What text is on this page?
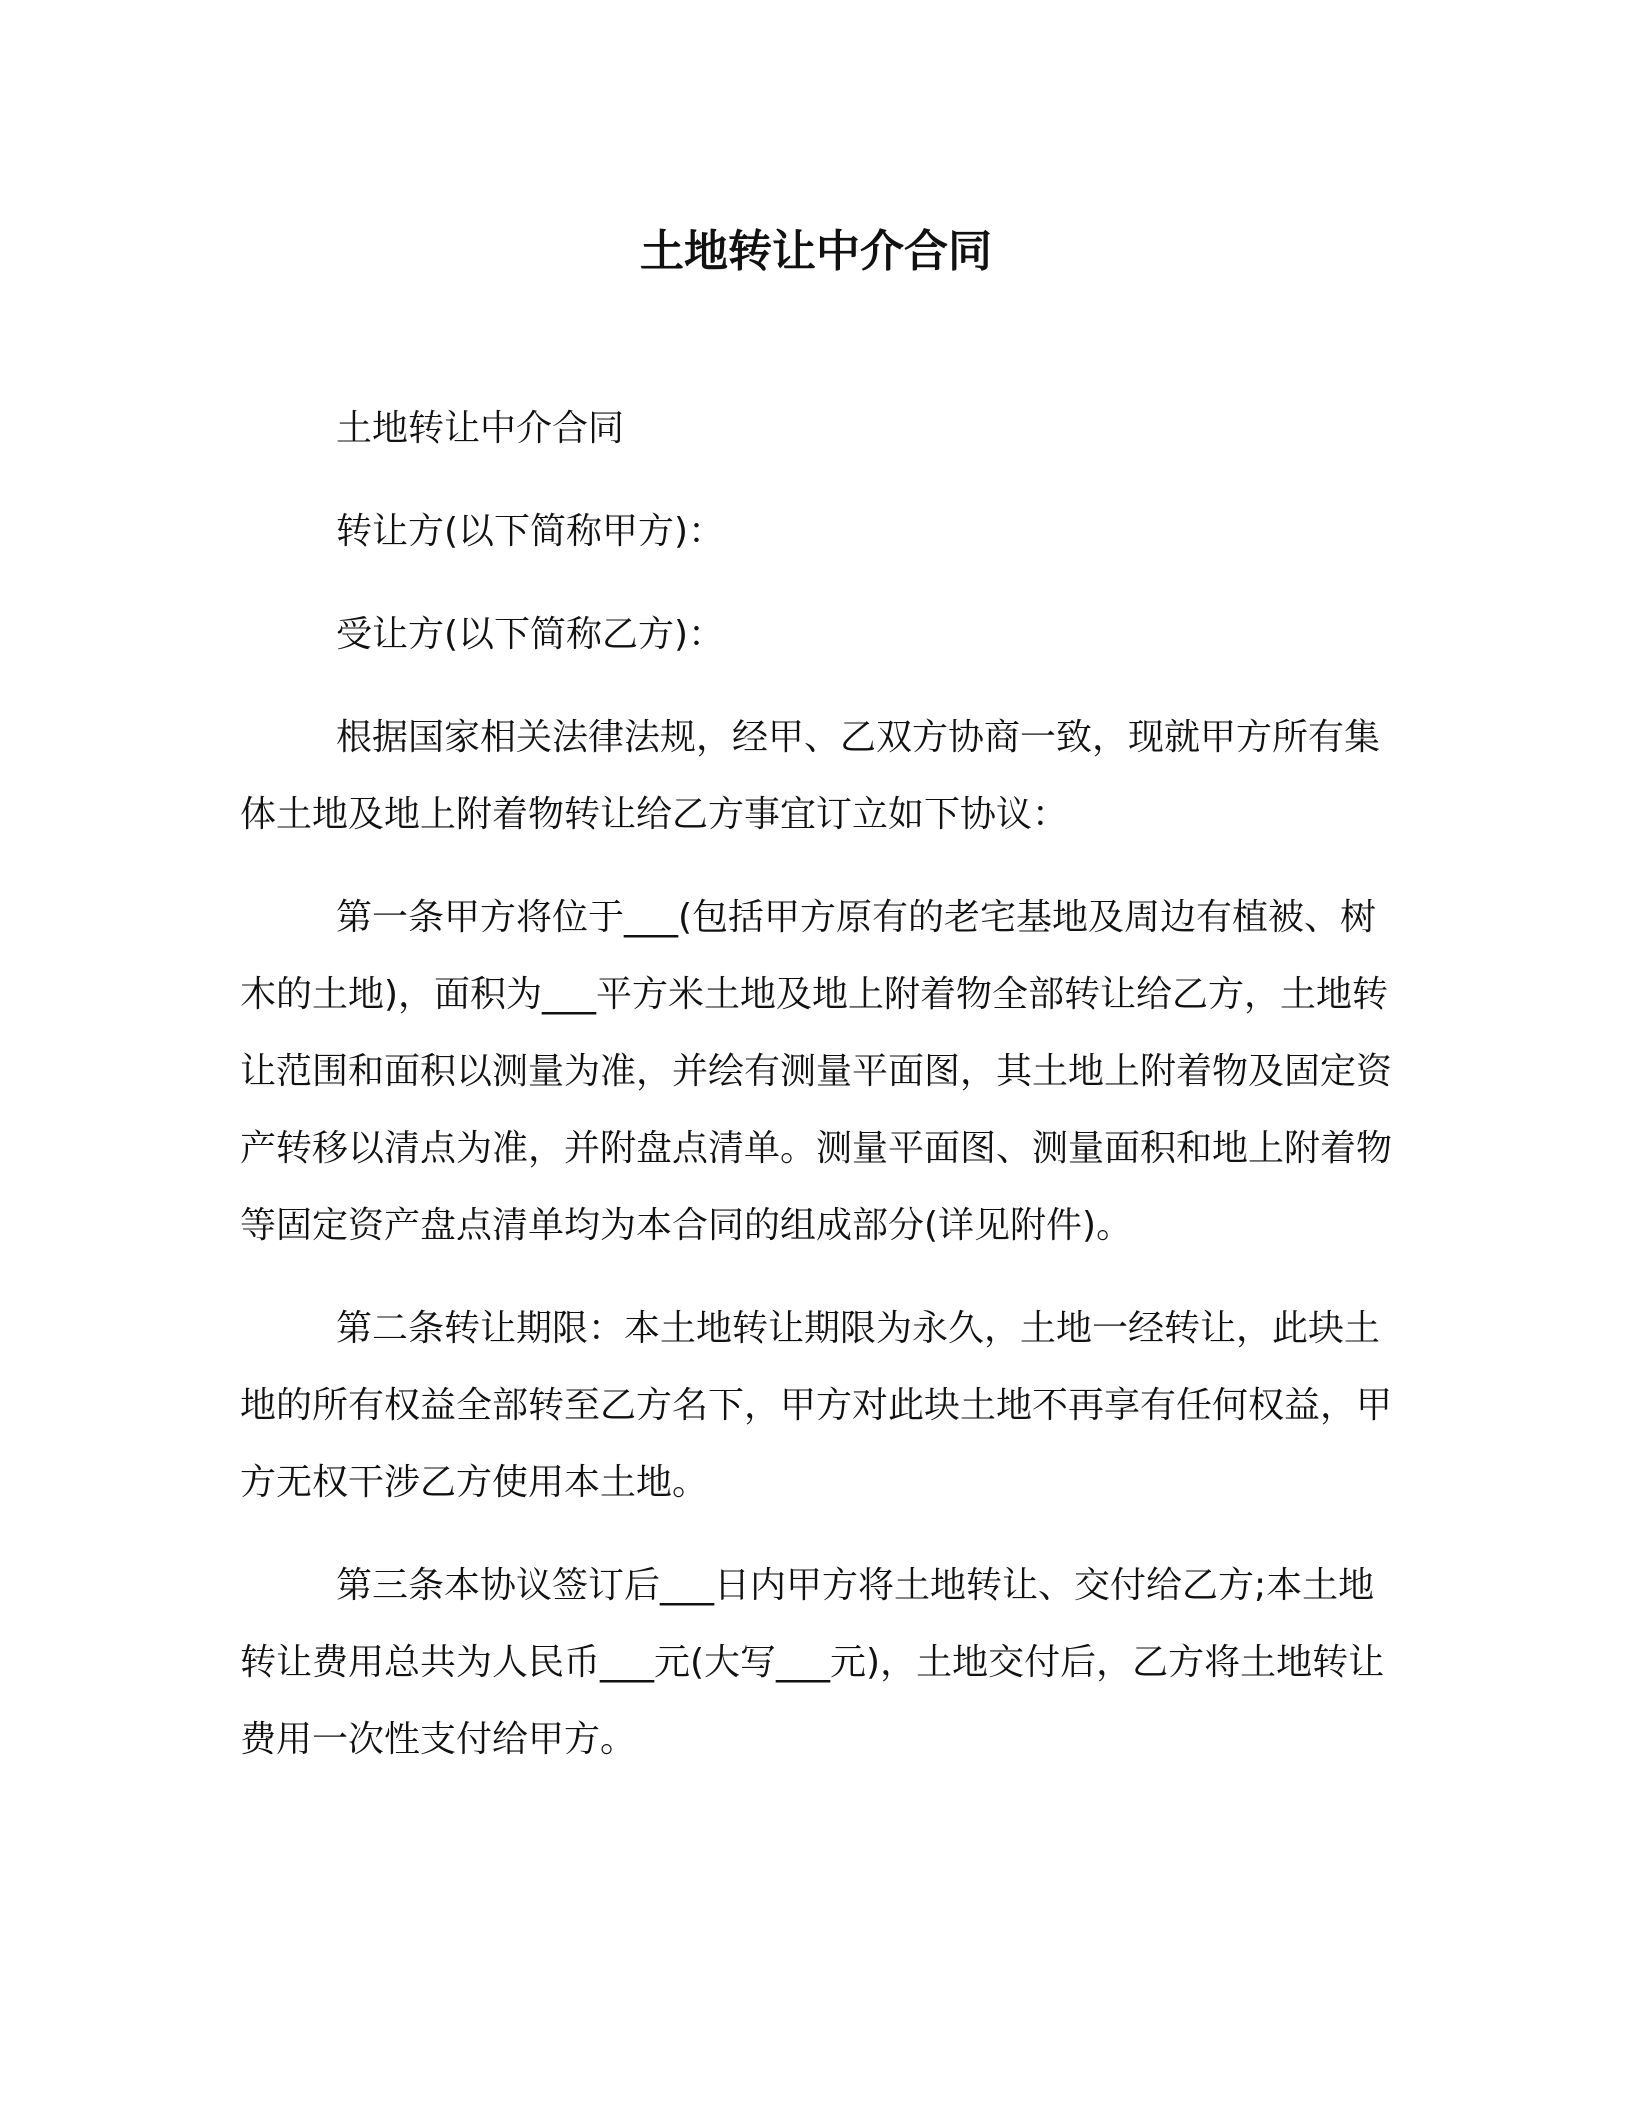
土地转让中介合同

土地转让中介合同

转让方(以下简称甲方)：

受让方(以下简称乙方)：

根据国家相关法律法规，经甲、乙双方协商一致，现就甲方所有集体土地及地上附着物转让给乙方事宜订立如下协议：

第一条甲方将位于___(包括甲方原有的老宅基地及周边有植被、树木的土地)，面积为___平方米土地及地上附着物全部转让给乙方，土地转让范围和面积以测量为准，并绘有测量平面图，其土地上附着物及固定资产转移以清点为准，并附盘点清单。测量平面图、测量面积和地上附着物等固定资产盘点清单均为本合同的组成部分(详见附件)。

第二条转让期限：本土地转让期限为永久，土地一经转让，此块土地的所有权益全部转至乙方名下，甲方对此块土地不再享有任何权益，甲方无权干涉乙方使用本土地。

第三条本协议签订后___日内甲方将土地转让、交付给乙方;本土地转让费用总共为人民币___元(大写___元)，土地交付后，乙方将土地转让费用一次性支付给甲方。
